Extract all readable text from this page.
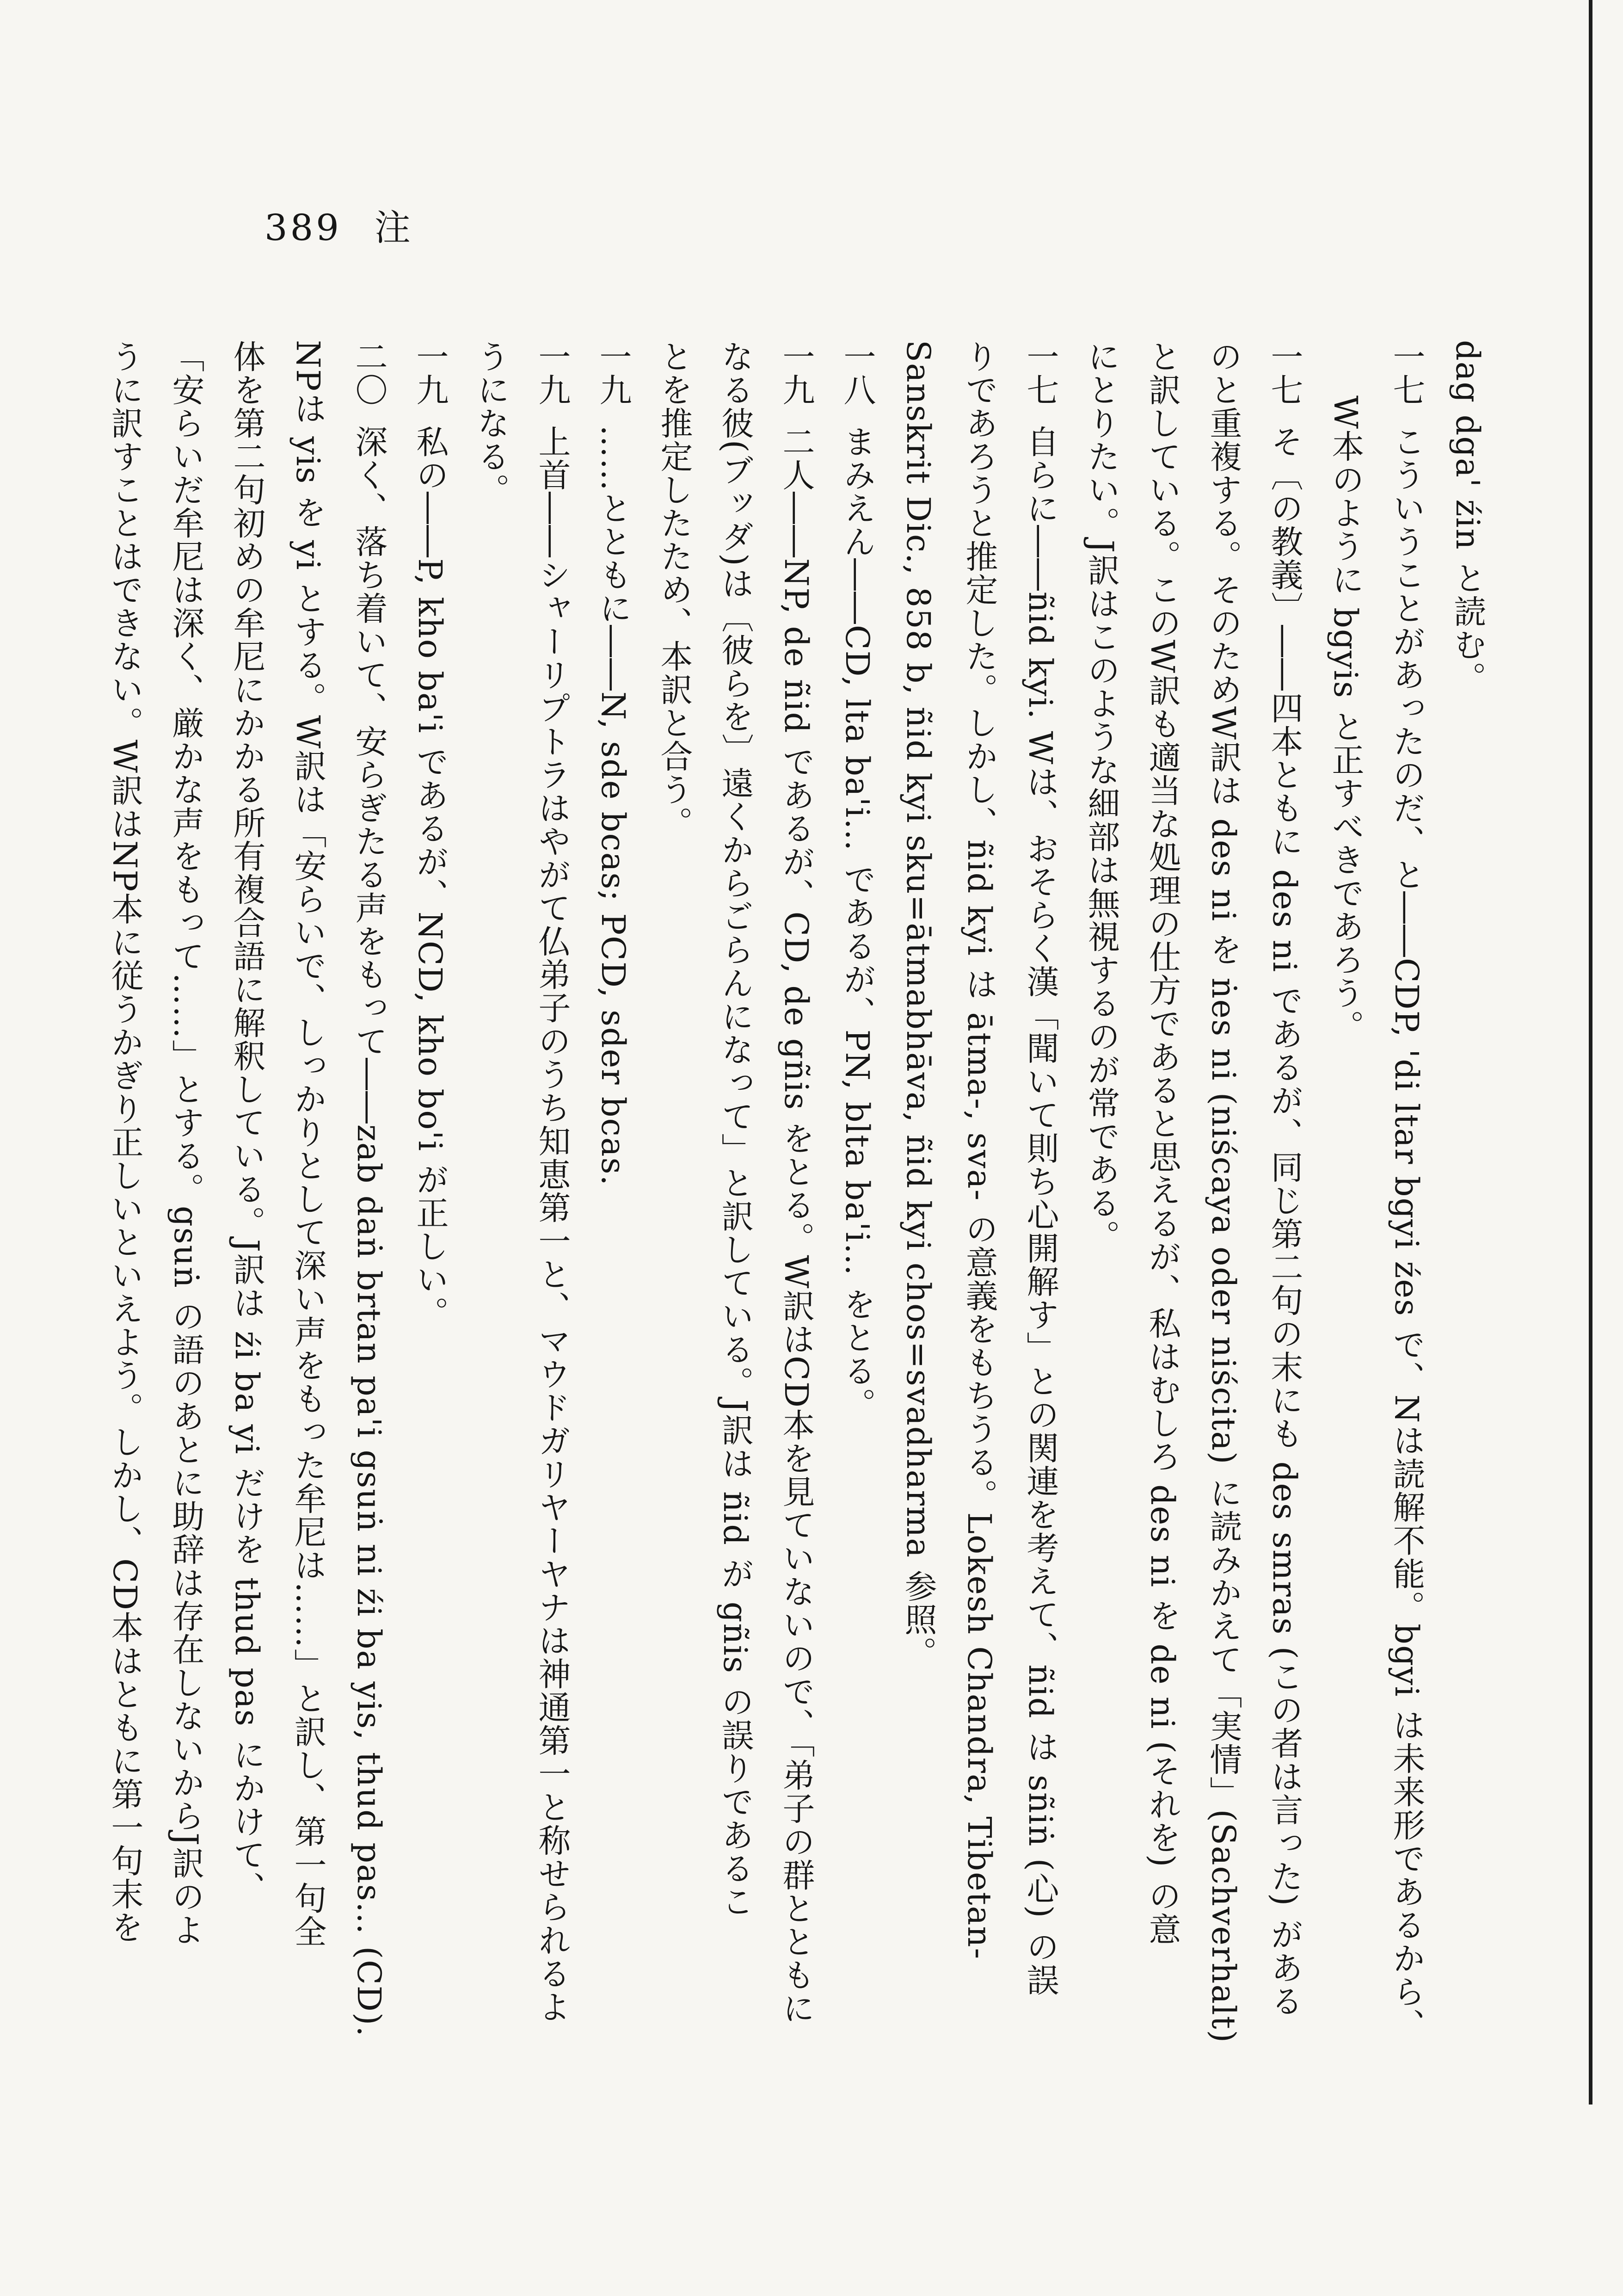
389 注
dag dga' źin と読む。
一七こういうことがあったのだ、と――CDP, 'di ltar bgyi źes で、Nは読解不能。bgyi は未来形であるから、
W本のように bgyis と正すべきであろう。
一七そ〔の教義〕――四本ともに des ni であるが、同じ第二句の末にも des smras (この者は言った) がある
のと重複する。そのためW訳は des ni を ṅes ni (niścaya oder niścita) に読みかえて「実情」(Sachverhalt)
と訳している。このW訳も適当な処理の仕方であると思えるが、私はむしろ des ni を de ni (それを) の意
にとりたい。J訳はこのような細部は無視するのが常である。
一七自らに――ñid kyi. Wは、おそらく漢「聞いて則ち心開解す」との関連を考えて、ñid は sñiṅ (心) の誤
りであろうと推定した。しかし、ñid kyi は ātma-, sva- の意義をもちうる。Lokesh Chandra, Tibetan-
Sanskrit Dic., 858 b, ñid kyi sku=ātmabhāva, ñid kyi chos=svadharma 参照。
一八まみえん――CD, lta ba'i… であるが、PN, blta ba'i… をとる。
一九二人――NP, de ñid であるが、CD, de gñis をとる。W訳はCD本を見ていないので、「弟子の群とともに
なる彼(ブッダ)は〔彼らを〕遠くからごらんになって」と訳している。J訳は ñid が gñis の誤りであるこ
とを推定したため、本訳と合う。
一九……とともに――N, sde bcas; PCD, sder bcas.
一九上首――シャーリプトラはやがて仏弟子のうち知恵第一と、マウドガリヤーヤナは神通第一と称せられるよ
うになる。
一九私の――P, kho ba'i であるが、NCD, kho bo'i が正しい。
二〇深く、落ち着いて、安らぎたる声をもって――zab daṅ brtan pa'i gsuṅ ni źi ba yis, thud pas… (CD).
NPは yis を yi とする。W訳は「安らいで、しっかりとして深い声をもった牟尼は……」と訳し、第一句全
体を第二句初めの牟尼にかかる所有複合語に解釈している。J訳は źi ba yi だけを thud pas にかけて、
「安らいだ牟尼は深く、厳かな声をもって……」とする。gsuṅ の語のあとに助辞は存在しないからJ訳のよ
うに訳すことはできない。W訳はNP本に従うかぎり正しいといえよう。しかし、CD本はともに第一句末を
